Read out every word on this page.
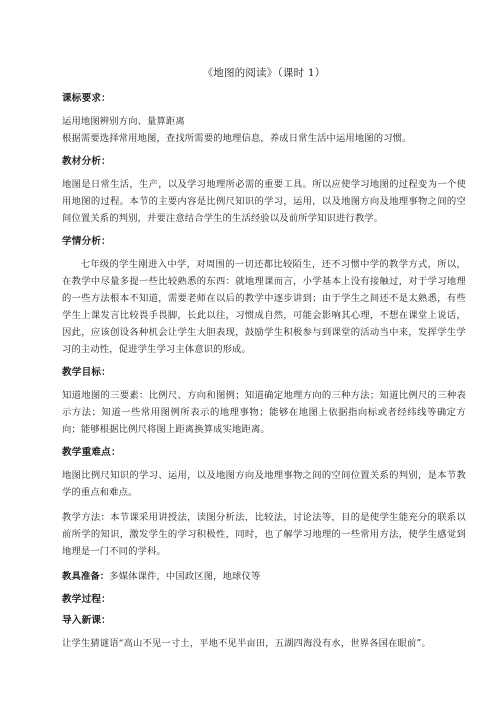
《地图的阅读》（课时 1）
课标要求：
运用地图辨别方向、量算距离
根据需要选择常用地图，查找所需要的地理信息，养成日常生活中运用地图的习惯。
教材分析：
地图是日常生活，生产，以及学习地理所必需的重要工具。所以应使学习地图的过程变为一个使用地图的过程。本节的主要内容是比例尺知识的学习，运用，以及地图方向及地理事物之间的空间位置关系的判别，并要注意结合学生的生活经验以及前所学知识进行教学。
学情分析：
七年级的学生刚进入中学，对周围的一切还都比较陌生，还不习惯中学的教学方式，所以，在教学中尽量多提一些比较熟悉的东西：就地理课而言，小学基本上没有接触过，对于学习地理的一些方法根本不知道，需要老师在以后的教学中逐步讲到；由于学生之间还不是太熟悉，有些学生上课发言比较畏手畏脚，长此以往，习惯成自然，可能会影响其心理，不想在课堂上说话，因此，应该创设各种机会让学生大胆表现，鼓励学生积极参与到课堂的活动当中来，发挥学生学习的主动性，促进学生学习主体意识的形成。
教学目标：
知道地图的三要素：比例尺、方向和图例；知道确定地理方向的三种方法；知道比例尺的三种表示方法；知道一些常用图例所表示的地理事物；能够在地图上依据指向标或者经纬线等确定方向；能够根据比例尺将图上距离换算成实地距离。
教学重难点：
地图比例尺知识的学习、运用，以及地图方向及地理事物之间的空间位置关系的判别，是本节教学的重点和难点。
教学方法：本节课采用讲授法，读图分析法，比较法，讨论法等，目的是使学生能充分的联系以前所学的知识，激发学生的学习积极性，同时，也了解学习地理的一些常用方法，使学生感觉到地理是一门不同的学科。
教具准备：多媒体课件，中国政区图，地球仪等
教学过程：
导入新课：
让学生猜谜语“高山不见一寸土，平地不见半亩田，五湖四海没有水，世界各国在眼前”。
